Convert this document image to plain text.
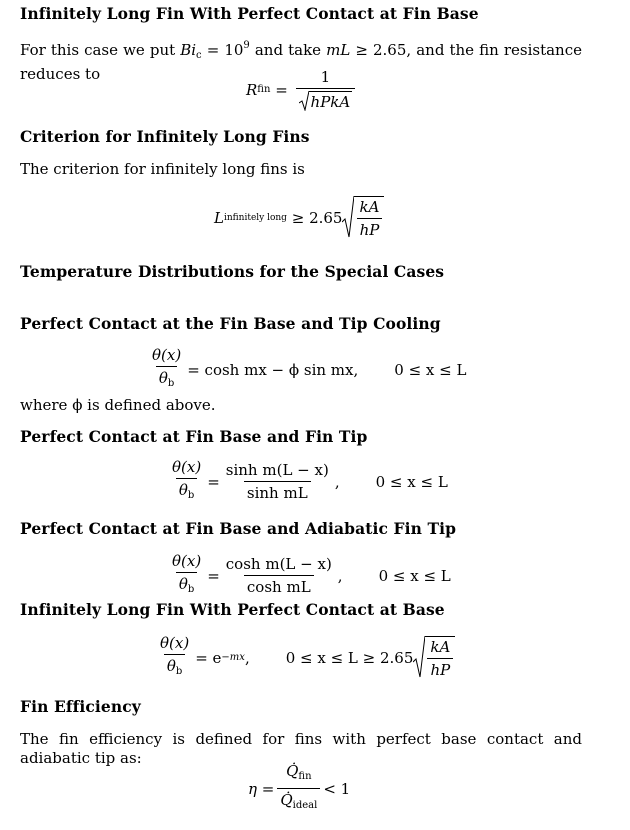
Infinitely Long Fin With Perfect Contact at Fin Base
For this case we put $Bi_c = 10^9$ and take mL ≥ 2.65, and the fin resistance reduces to
R fin = $\frac{1}{\text{hPkA}}$
Criterion for Infinitely Long Fins
The criterion for infinitely long fins is
L infinitely long
≥ $2.65 \frac{kA}{hP}$
Temperature Distributions for the Special Cases
Perfect Contact at the Fin Base and Tip Cooling
$\frac{\theta(x)}{\theta_b} = \cosh$ mx − ϕ sin mx, 0 ≤ x ≤ L
where ϕ is defined above.
Perfect Contact at Fin Base and Fin Tip
$\frac{\theta(x)}{\theta_b} = \frac{\text{sinh m(L − x)}}{\text{sinh mL}}$ , 0 ≤ x ≤ L
Perfect Contact at Fin Base and Adiabatic Fin Tip
$\frac{\theta(x)}{\theta_b} = \frac{\text{cosh m(L − x)}}{\text{cosh mL}}$ , 0 ≤ x ≤ L
Infinitely Long Fin With Perfect Contact at Base
$\frac{\theta(x)}{\theta_b} = e -mx$ , $0 \le x \le L \ge 2.65 \frac{kA}{hP}$
Fin Efficiency
The fin efficiency is defined for fins with perfect base contact and adiabatic tip as:
$\eta = \frac{Q̇_{fin}}{Q̇_{ideal}} < 1$
